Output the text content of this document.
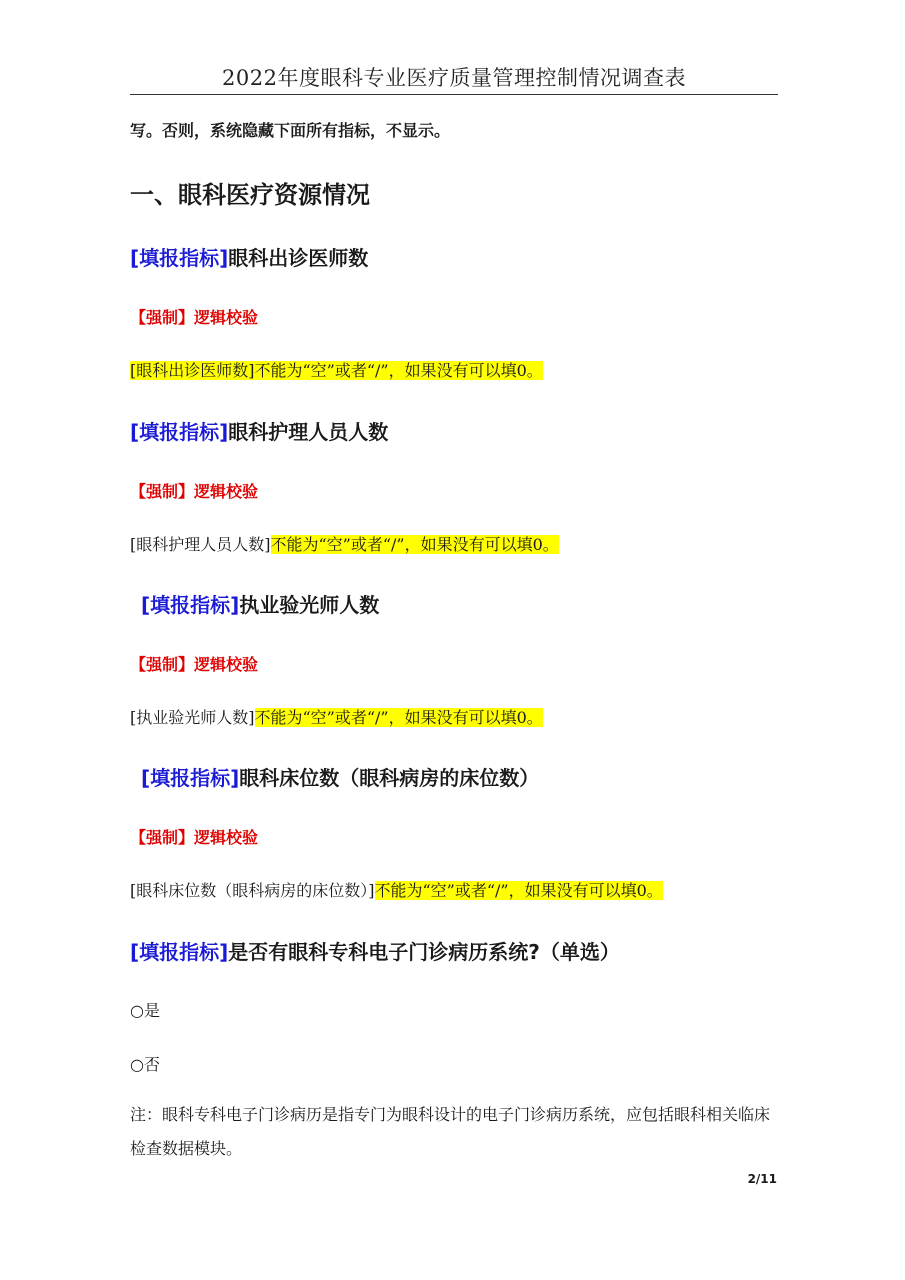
2022年度眼科专业医疗质量管理控制情况调查表
写。否则，系统隐藏下面所有指标，不显示。
一、眼科医疗资源情况
[填报指标]眼科出诊医师数
【强制】逻辑校验
[眼科出诊医师数]不能为“空”或者“/”，如果没有可以填0。
[填报指标]眼科护理人员人数
【强制】逻辑校验
[眼科护理人员人数]不能为“空”或者“/”，如果没有可以填0。
[填报指标]执业验光师人数
【强制】逻辑校验
[执业验光师人数]不能为“空”或者“/”，如果没有可以填0。
[填报指标]眼科床位数（眼科病房的床位数）
【强制】逻辑校验
[眼科床位数（眼科病房的床位数）]不能为“空”或者“/”，如果没有可以填0。
[填报指标]是否有眼科专科电子门诊病历系统?（单选）
○是
○否
注：眼科专科电子门诊病历是指专门为眼科设计的电子门诊病历系统，应包括眼科相关临床检查数据模块。
2/11
